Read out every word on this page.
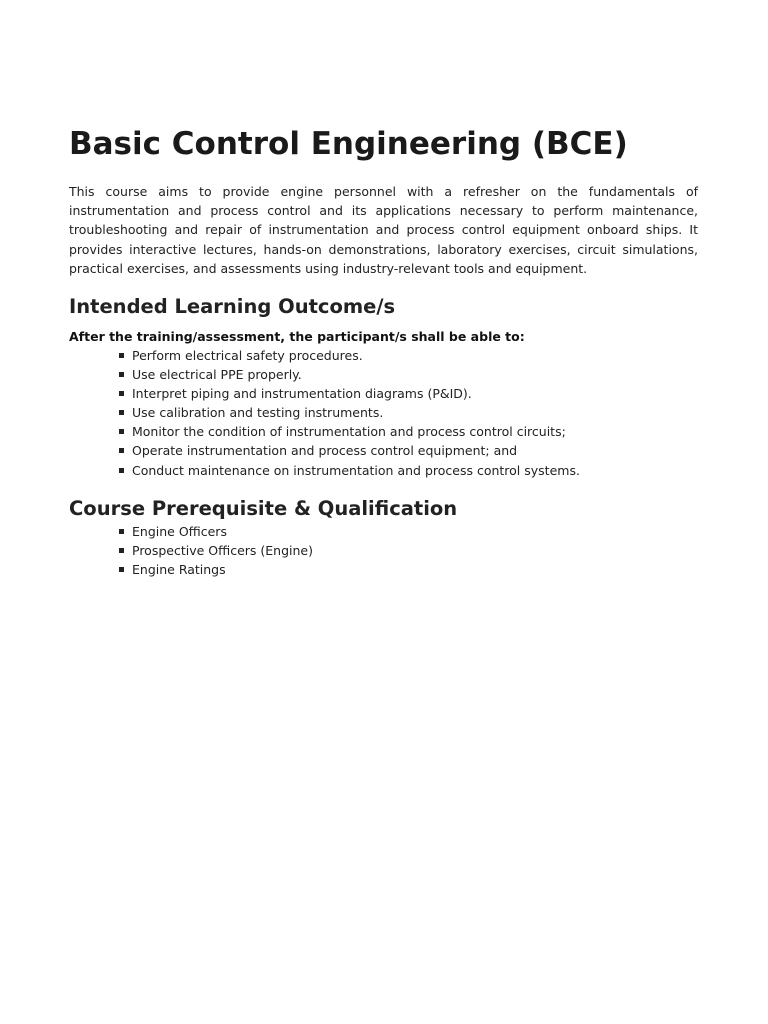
Basic Control Engineering (BCE)

This course aims to provide engine personnel with a refresher on the fundamentals of instrumentation and process control and its applications necessary to perform maintenance, troubleshooting and repair of instrumentation and process control equipment onboard ships. It provides interactive lectures, hands-on demonstrations, laboratory exercises, circuit simulations, practical exercises, and assessments using industry-relevant tools and equipment.

Intended Learning Outcome/s

After the training/assessment, the participant/s shall be able to:

Perform electrical safety procedures.
Use electrical PPE properly.
Interpret piping and instrumentation diagrams (P&ID).
Use calibration and testing instruments.
Monitor the condition of instrumentation and process control circuits;
Operate instrumentation and process control equipment; and
Conduct maintenance on instrumentation and process control systems.
Course Prerequisite & Qualification
Engine Officers
Prospective Officers (Engine)
Engine Ratings
